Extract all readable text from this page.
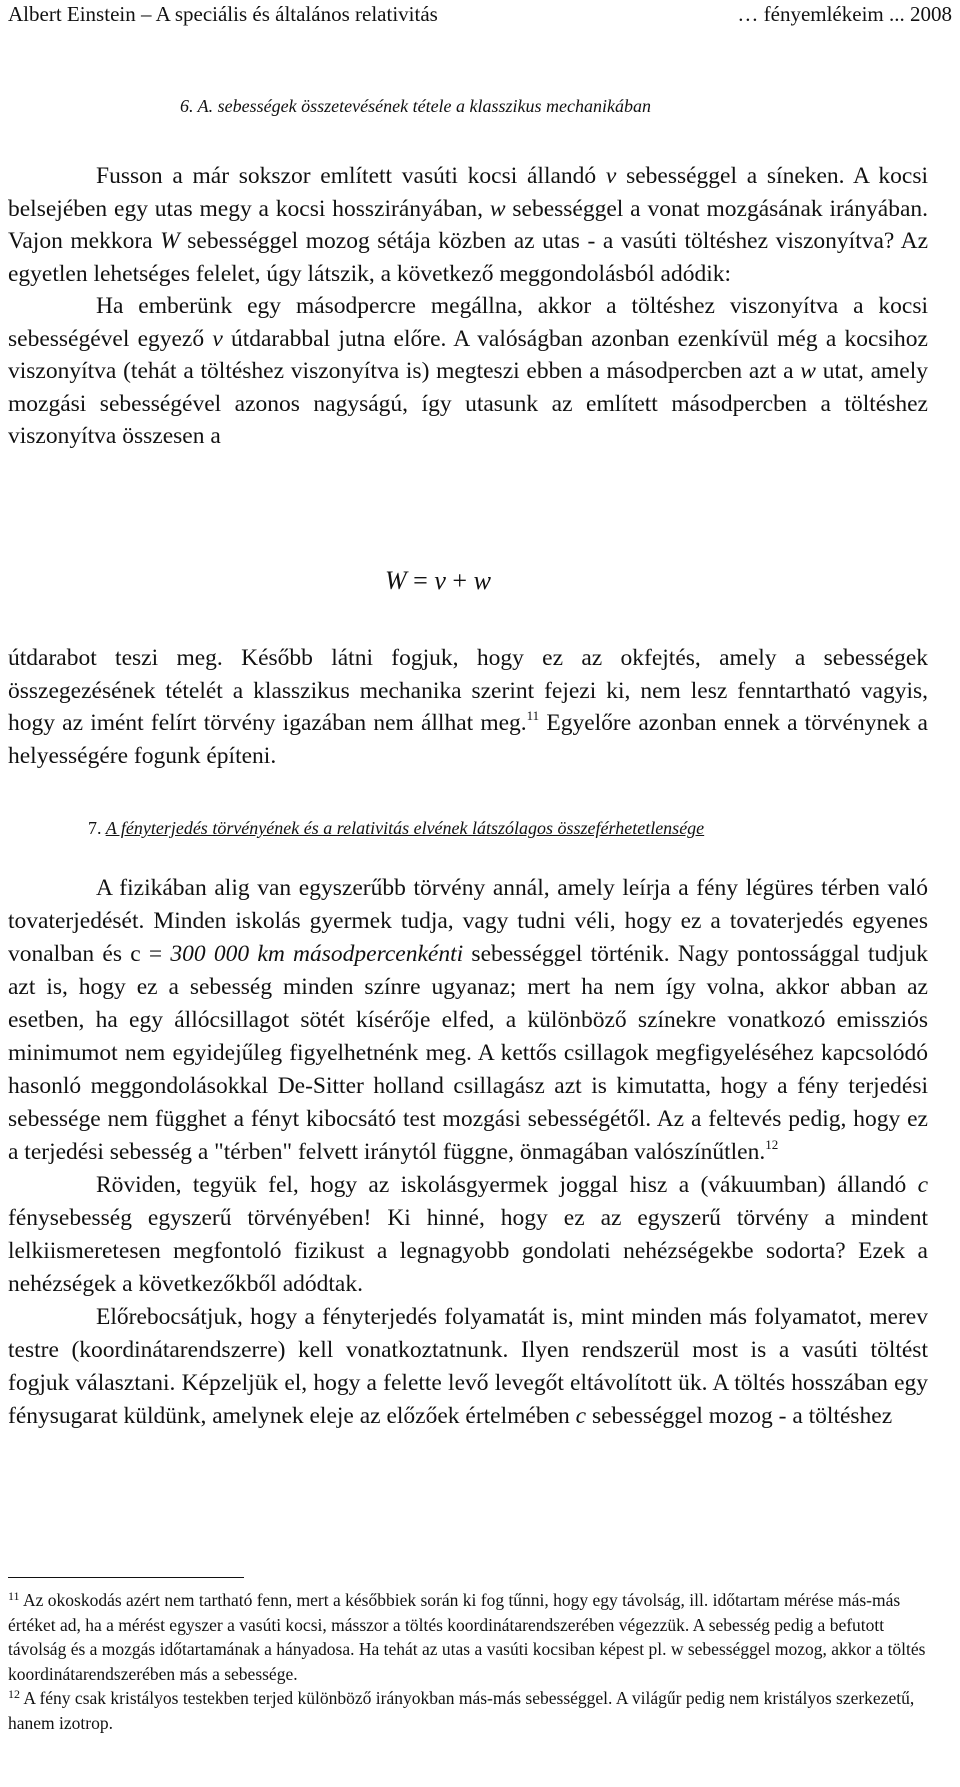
Albert Einstein – A speciális és általános relativitás	… fényemlékeim ... 2008
6. A. sebességek összetevésének tétele a klasszikus mechanikában

Fusson a már sokszor említett vasúti kocsi állandó v sebességgel a síneken. A kocsi belsejében egy utas megy a kocsi hosszirányában, w sebességgel a vonat mozgásának irányában. Vajon mekkora W sebességgel mozog sétája közben az utas - a vasúti töltéshez viszonyítva? Az egyetlen lehetséges felelet, úgy látszik, a következő meggondolásból adódik:

Ha emberünk egy másodpercre megállna, akkor a töltéshez viszonyítva a kocsi sebességével egyező v útdarabbal jutna előre. A valóságban azonban ezenkívül még a kocsihoz viszonyítva (tehát a töltéshez viszonyítva is) megteszi ebben a másodpercben azt a w utat, amely mozgási sebességével azonos nagyságú, így utasunk az említett másodpercben a töltéshez viszonyítva összesen a

W = v + w

útdarabot teszi meg. Később látni fogjuk, hogy ez az okfejtés, amely a sebességek összegezésének tételét a klasszikus mechanika szerint fejezi ki, nem lesz fenntartható vagyis, hogy az imént felírt törvény igazában nem állhat meg.$^{11}$ Egyelőre azonban ennek a törvénynek a helyességére fogunk építeni.

7. A fényterjedés törvényének és a relativitás elvének látszólagos összeférhetetlensége

A fizikában alig van egyszerűbb törvény annál, amely leírja a fény légüres térben való tovaterjedését. Minden iskolás gyermek tudja, vagy tudni véli, hogy ez a tovaterjedés egyenes vonalban és c = 300 000 km másodpercenkénti sebességgel történik. Nagy pontossággal tudjuk azt is, hogy ez a sebesség minden színre ugyanaz; mert ha nem így volna, akkor abban az esetben, ha egy állócsillagot sötét kísérője elfed, a különböző színekre vonatkozó emissziós minimumot nem egyidejűleg figyelhetnénk meg. A kettős csillagok megfigyeléséhez kapcsolódó hasonló meggondolásokkal De-Sitter holland csillagász azt is kimutatta, hogy a fény terjedési sebessége nem függhet a fényt kibocsátó test mozgási sebességétől. Az a feltevés pedig, hogy ez a terjedési sebesség a "térben" felvett iránytól függne, önmagában valószínűtlen.$^{12}$

Röviden, tegyük fel, hogy az iskolásgyermek joggal hisz a (vákuumban) állandó c fénysebesség egyszerű törvényében! Ki hinné, hogy ez az egyszerű törvény a mindent lelkiismeretesen megfontoló fizikust a legnagyobb gondolati nehézségekbe sodorta? Ezek a nehézségek a következőkből adódtak.

Előrebocsátjuk, hogy a fényterjedés folyamatát is, mint minden más folyamatot, merev testre (koordinátarendszerre) kell vonatkoztatnunk. Ilyen rendszerül most is a vasúti töltést fogjuk választani. Képzeljük el, hogy a felette levő levegőt eltávolított ük. A töltés hosszában egy fénysugarat küldünk, amelynek eleje az előzőek értelmében c sebességgel mozog - a töltéshez

$^{11}$ Az okoskodás azért nem tartható fenn, mert a későbbiek során ki fog tűnni, hogy egy távolság, ill. időtartam mérése más-más értéket ad, ha a mérést egyszer a vasúti kocsi, másszor a töltés koordinátarendszerében végezzük. A sebesség pedig a befutott távolság és a mozgás időtartamának a hányadosa. Ha tehát az utas a vasúti kocsiban képest pl. w sebességgel mozog, akkor a töltés koordinátarendszerében más a sebessége.

$^{12}$ A fény csak kristályos testekben terjed különböző irányokban más-más sebességgel. A világűr pedig nem kristályos szerkezetű, hanem izotrop.
